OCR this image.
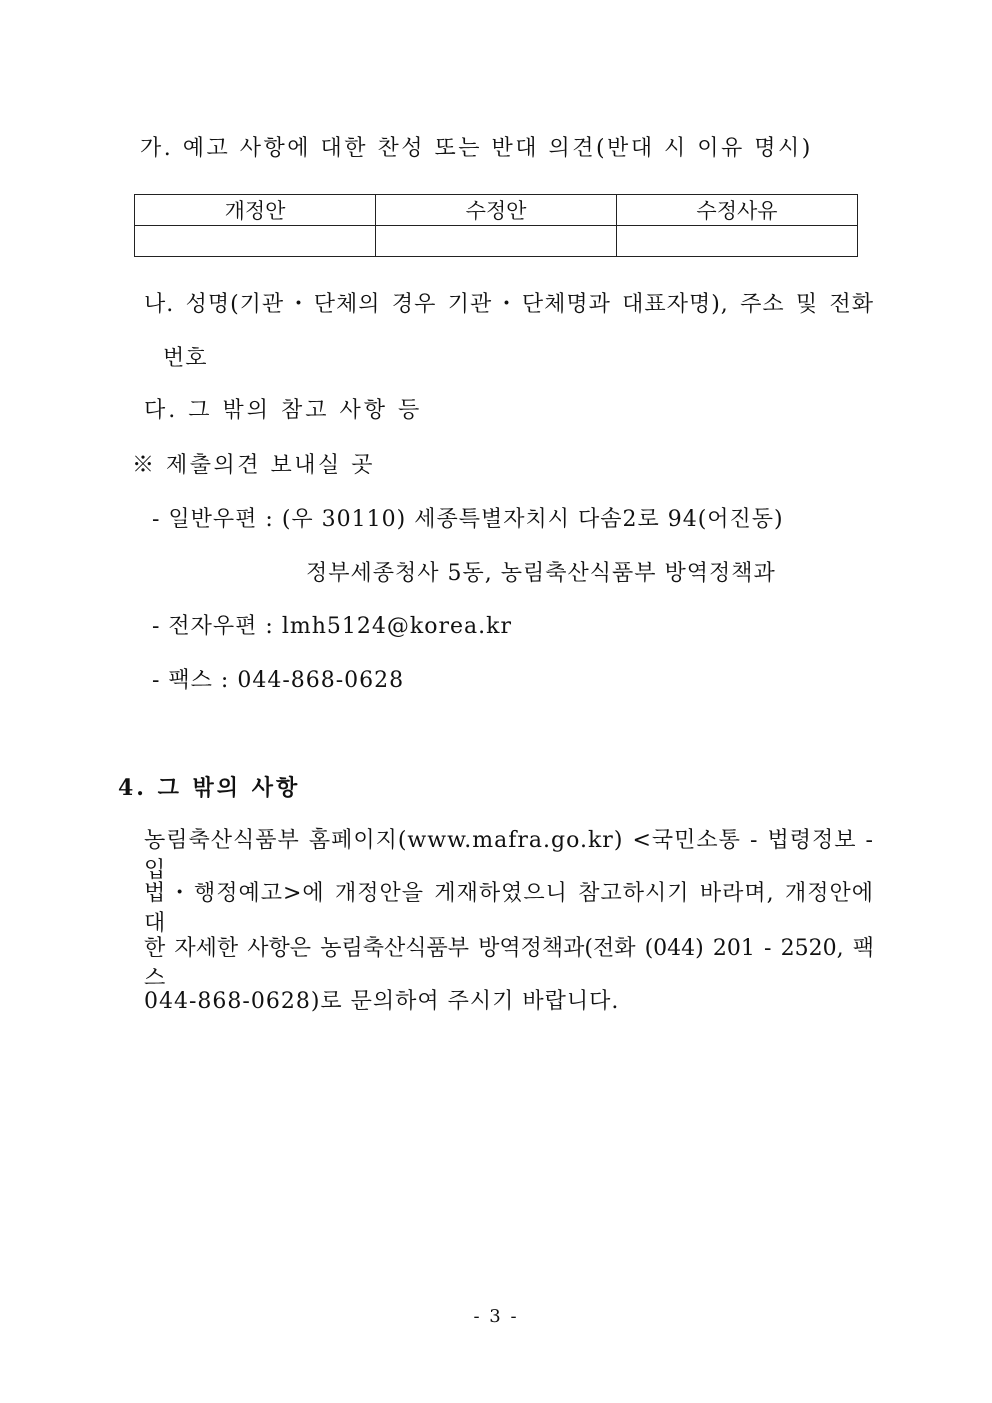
가. 예고 사항에 대한 찬성 또는 반대 의견(반대 시 이유 명시)
개정안	수정안	수정사유

나. 성명(기관・단체의 경우 기관・단체명과 대표자명), 주소 및 전화
번호
다. 그 밖의 참고 사항 등
※ 제출의견 보내실 곳
- 일반우편 : (우 30110) 세종특별자치시 다솜2로 94(어진동)
정부세종청사 5동, 농림축산식품부 방역정책과
- 전자우편 : lmh5124@korea.kr
- 팩스 : 044-868-0628
4. 그 밖의 사항
농림축산식품부 홈페이지(www.mafra.go.kr) <국민소통 - 법령정보 - 입
법・행정예고>에 개정안을 게재하였으니 참고하시기 바라며, 개정안에 대
한 자세한 사항은 농림축산식품부 방역정책과(전화 (044) 201 - 2520, 팩스
044-868-0628)로 문의하여 주시기 바랍니다.
- 3 -
